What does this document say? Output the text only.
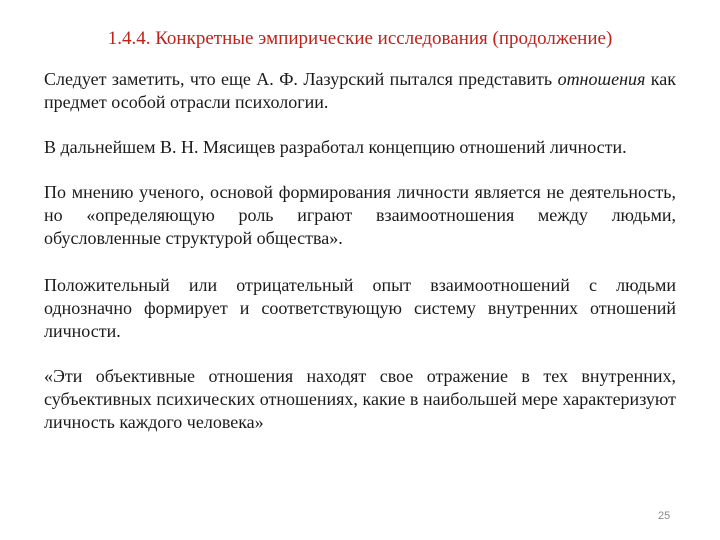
1.4.4. Конкретные эмпирические исследования (продолжение)

Следует заметить, что еще А. Ф. Лазурский пытался представить отношения как предмет особой отрасли психологии.

В дальнейшем В. Н. Мясищев разработал концепцию отношений личности.

По мнению ученого, основой формирования личности является не деятельность, но «определяющую роль играют взаимоотношения между людьми, обусловленные структурой общества».

Положительный или отрицательный опыт взаимоотношений с людьми однозначно формирует и соответствующую систему внутренних отношений личности.

«Эти объективные отношения находят свое отражение в тех внутренних, субъективных психических отношениях, какие в наибольшей мере характеризуют личность каждого человека»

25
